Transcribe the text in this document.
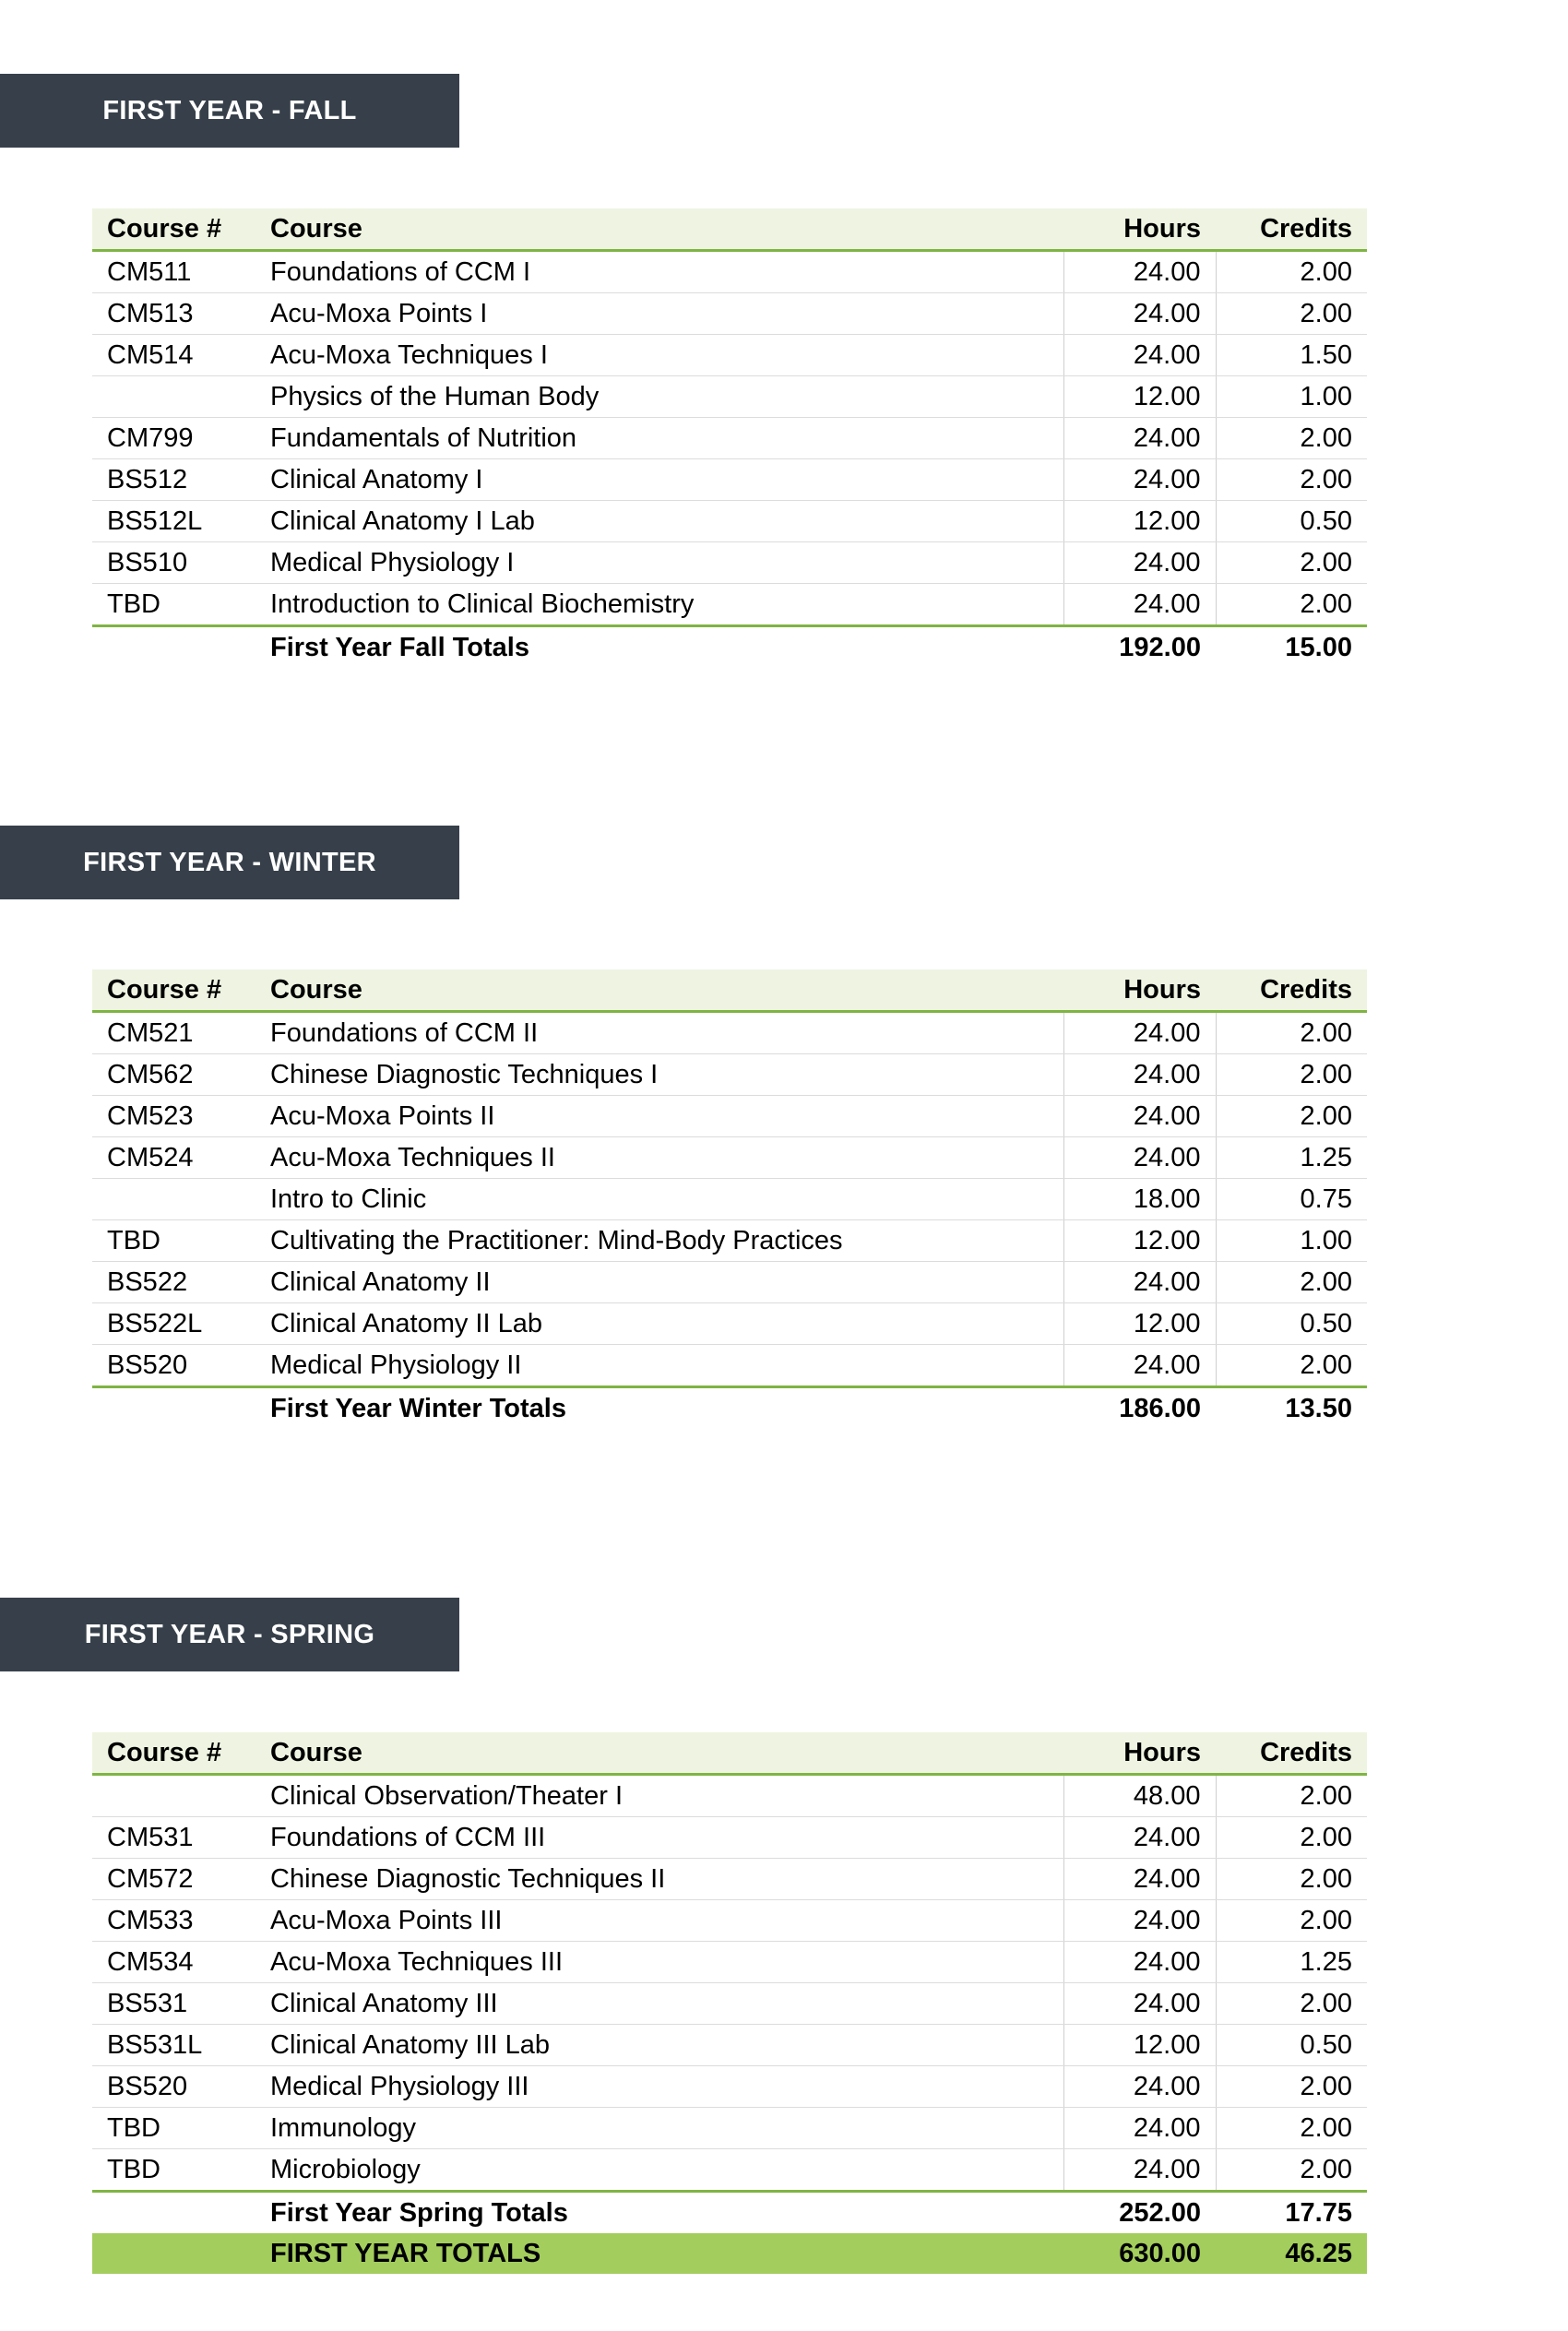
FIRST YEAR - FALL
Course #	Course	Hours	Credits
CM511	Foundations of CCM I	24.00	2.00
CM513	Acu-Moxa Points I	24.00	2.00
CM514	Acu-Moxa Techniques I	24.00	1.50
	Physics of the Human Body	12.00	1.00
CM799	Fundamentals of Nutrition	24.00	2.00
BS512	Clinical Anatomy I	24.00	2.00
BS512L	Clinical Anatomy I Lab	12.00	0.50
BS510	Medical Physiology I	24.00	2.00
TBD	Introduction to Clinical Biochemistry	24.00	2.00
	First Year Fall Totals	192.00	15.00
FIRST YEAR - WINTER
Course #	Course	Hours	Credits
CM521	Foundations of CCM II	24.00	2.00
CM562	Chinese Diagnostic Techniques I	24.00	2.00
CM523	Acu-Moxa Points II	24.00	2.00
CM524	Acu-Moxa Techniques II	24.00	1.25
	Intro to Clinic	18.00	0.75
TBD	Cultivating the Practitioner: Mind-Body Practices	12.00	1.00
BS522	Clinical Anatomy II	24.00	2.00
BS522L	Clinical Anatomy II Lab	12.00	0.50
BS520	Medical Physiology II	24.00	2.00
	First Year Winter Totals	186.00	13.50
FIRST YEAR - SPRING
Course #	Course	Hours	Credits
	Clinical Observation/Theater I	48.00	2.00
CM531	Foundations of CCM III	24.00	2.00
CM572	Chinese Diagnostic Techniques II	24.00	2.00
CM533	Acu-Moxa Points III	24.00	2.00
CM534	Acu-Moxa Techniques III	24.00	1.25
BS531	Clinical Anatomy III	24.00	2.00
BS531L	Clinical Anatomy III Lab	12.00	0.50
BS520	Medical Physiology III	24.00	2.00
TBD	Immunology	24.00	2.00
TBD	Microbiology	24.00	2.00
	First Year Spring Totals	252.00	17.75
	FIRST YEAR TOTALS	630.00	46.25
